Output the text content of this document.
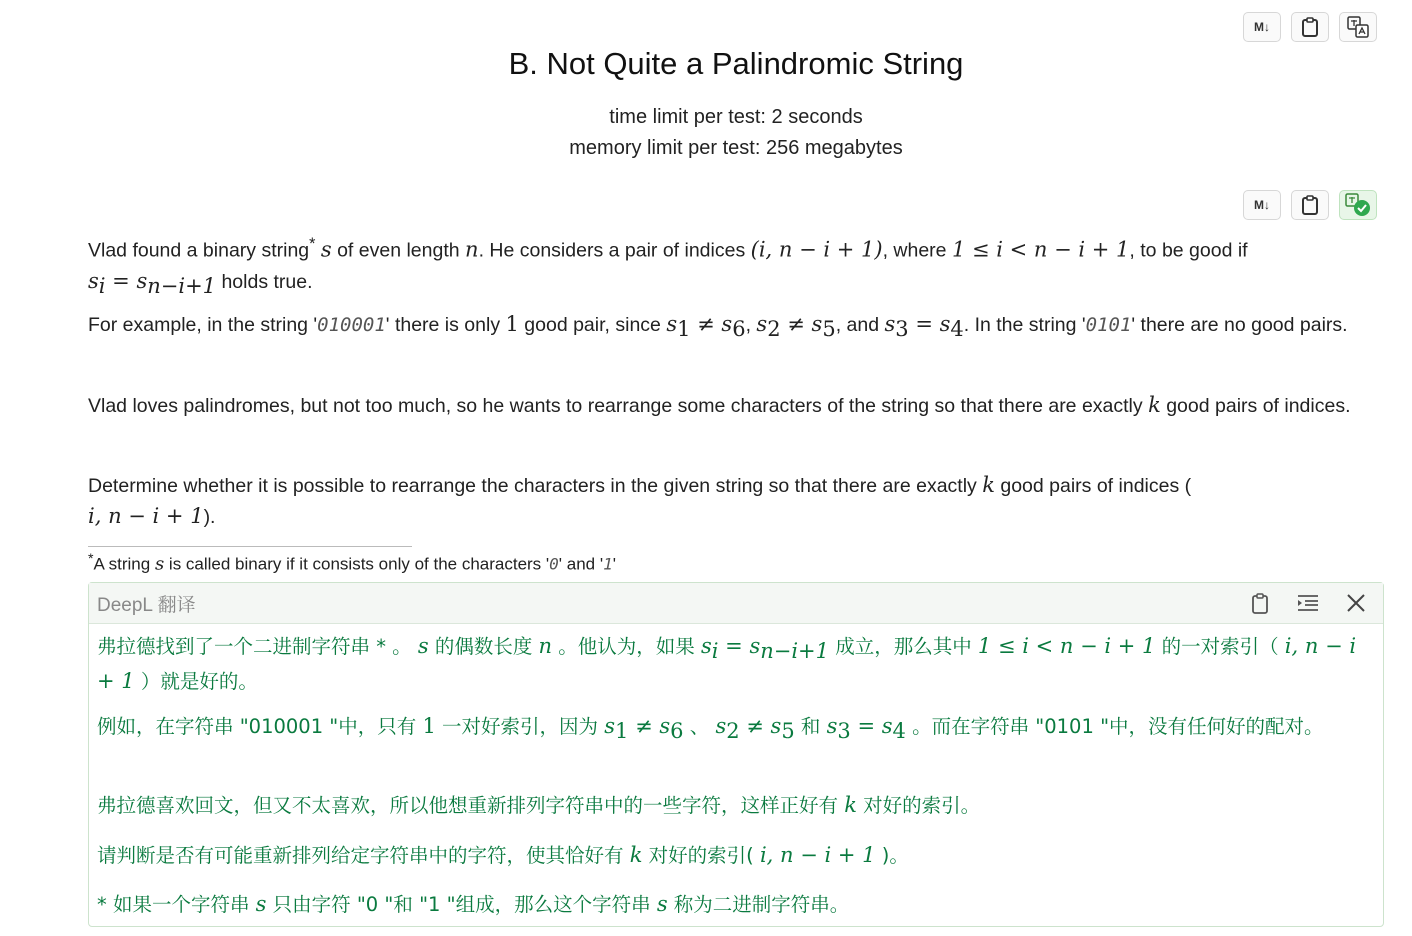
M↓
B. Not Quite a Palindromic String
time limit per test: 2 seconds
memory limit per test: 256 megabytes
M↓
Vlad found a binary string* s of even length n. He considers a pair of indices (i, n − i + 1), where 1 ≤ i < n − i + 1, to be good if
$s_i = s_{n-i+1}$ holds true.
For example, in the string '010001' there is only 1 good pair, since $s_1 \ne s_6$, $s_2 \ne s_5$, and $s_3 = s_4$. In the string '0101' there are no good pairs.
Vlad loves palindromes, but not too much, so he wants to rearrange some characters of the string so that there are exactly k good pairs of indices.
Determine whether it is possible to rearrange the characters in the given string so that there are exactly k good pairs of indices (
i, n − i + 1).
*A string s is called binary if it consists only of the characters '0' and '1'
DeepL 翻译
弗拉德找到了一个二进制字符串 * 。 s 的偶数长度 n 。他认为，如果 $s_i = s_{n-i+1}$ 成立，那么其中 1 ≤ i < n − i + 1 的一对索引（ i, n − i + 1 ）就是好的。
例如，在字符串 "010001 "中，只有 1 一对好索引，因为 $s_1 \ne s_6$ 、 $s_2 \ne s_5$ 和 $s_3 = s_4$ 。而在字符串 "0101 "中，没有任何好的配对。
弗拉德喜欢回文，但又不太喜欢，所以他想重新排列字符串中的一些字符，这样正好有 k 对好的索引。
请判断是否有可能重新排列给定字符串中的字符，使其恰好有 k 对好的索引( i, n − i + 1 )。
* 如果一个字符串 s 只由字符 "0 "和 "1 "组成，那么这个字符串 s 称为二进制字符串。
